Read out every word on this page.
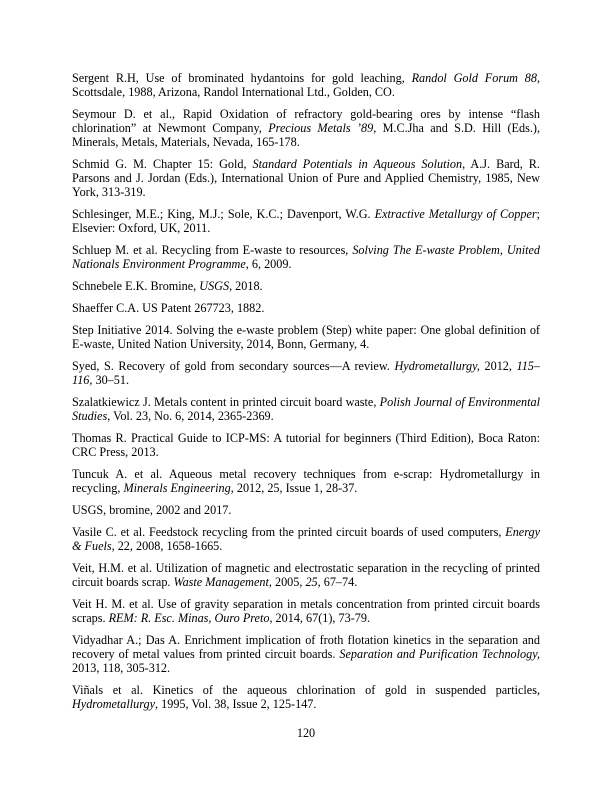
Sergent R.H, Use of brominated hydantoins for gold leaching, Randol Gold Forum 88, Scottsdale, 1988, Arizona, Randol International Ltd., Golden, CO.

Seymour D. et al., Rapid Oxidation of refractory gold-bearing ores by intense “flash chlorination” at Newmont Company, Precious Metals ’89, M.C.Jha and S.D. Hill (Eds.), Minerals, Metals, Materials, Nevada, 165-178.

Schmid G. M. Chapter 15: Gold, Standard Potentials in Aqueous Solution, A.J. Bard, R. Parsons and J. Jordan (Eds.), International Union of Pure and Applied Chemistry, 1985, New York, 313-319.

Schlesinger, M.E.; King, M.J.; Sole, K.C.; Davenport, W.G. Extractive Metallurgy of Copper; Elsevier: Oxford, UK, 2011.

Schluep M. et al. Recycling from E-waste to resources, Solving The E-waste Problem, United Nationals Environment Programme, 6, 2009.

Schnebele E.K. Bromine, USGS, 2018.

Shaeffer C.A. US Patent 267723, 1882.

Step Initiative 2014. Solving the e-waste problem (Step) white paper: One global definition of E-waste, United Nation University, 2014, Bonn, Germany, 4.

Syed, S. Recovery of gold from secondary sources—A review. Hydrometallurgy, 2012, 115–116, 30–51.

Szalatkiewicz J. Metals content in printed circuit board waste, Polish Journal of Environmental Studies, Vol. 23, No. 6, 2014, 2365-2369.

Thomas R. Practical Guide to ICP-MS: A tutorial for beginners (Third Edition), Boca Raton: CRC Press, 2013.

Tuncuk A. et al. Aqueous metal recovery techniques from e-scrap: Hydrometallurgy in recycling, Minerals Engineering, 2012, 25, Issue 1, 28-37.

USGS, bromine, 2002 and 2017.

Vasile C. et al. Feedstock recycling from the printed circuit boards of used computers, Energy & Fuels, 22, 2008, 1658-1665.

Veit, H.M. et al. Utilization of magnetic and electrostatic separation in the recycling of printed circuit boards scrap. Waste Management, 2005, 25, 67–74.

Veit H. M. et al. Use of gravity separation in metals concentration from printed circuit boards scraps. REM: R. Esc. Minas, Ouro Preto, 2014, 67(1), 73-79.

Vidyadhar A.; Das A. Enrichment implication of froth flotation kinetics in the separation and recovery of metal values from printed circuit boards. Separation and Purification Technology, 2013, 118, 305-312.

Viñals et al. Kinetics of the aqueous chlorination of gold in suspended particles, Hydrometallurgy, 1995, Vol. 38, Issue 2, 125-147.

120
